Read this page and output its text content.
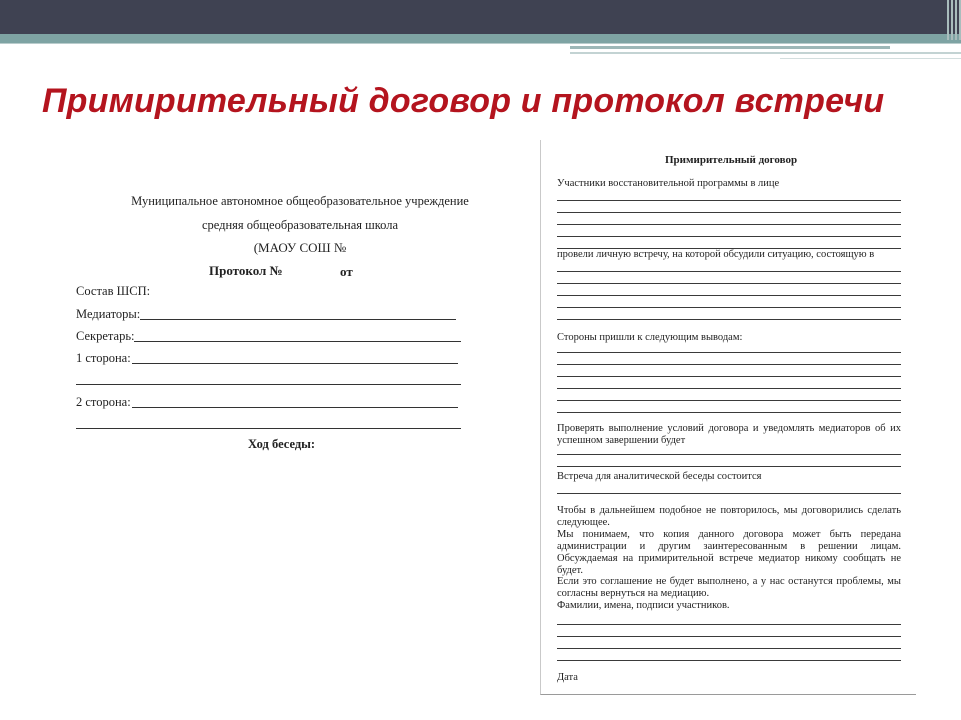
Примирительный договор и протокол встречи
Муниципальное автономное общеобразовательное учреждение
средняя общеобразовательная школа
(МАОУ СОШ №
Протокол №	от
Состав ШСП:
Медиаторы:
Секретарь:
1 сторона:
2 сторона:
Ход беседы:
Примирительный договор
Участники восстановительной программы в лице
провели личную встречу, на которой обсудили ситуацию, состоящую в
Стороны пришли к следующим выводам:
Проверять выполнение условий договора и уведомлять медиаторов об их успешном завершении будет
Встреча для аналитической беседы состоится
Чтобы в дальнейшем подобное не повторилось, мы договорились сделать следующее.
Мы понимаем, что копия данного договора может быть передана администрации и другим заинтересованным в решении лицам. Обсуждаемая на примирительной встрече медиатор никому сообщать не будет.
Если это соглашение не будет выполнено, а у нас останутся проблемы, мы согласны вернуться на медиацию.
Фамилии, имена, подписи участников.
Дата
